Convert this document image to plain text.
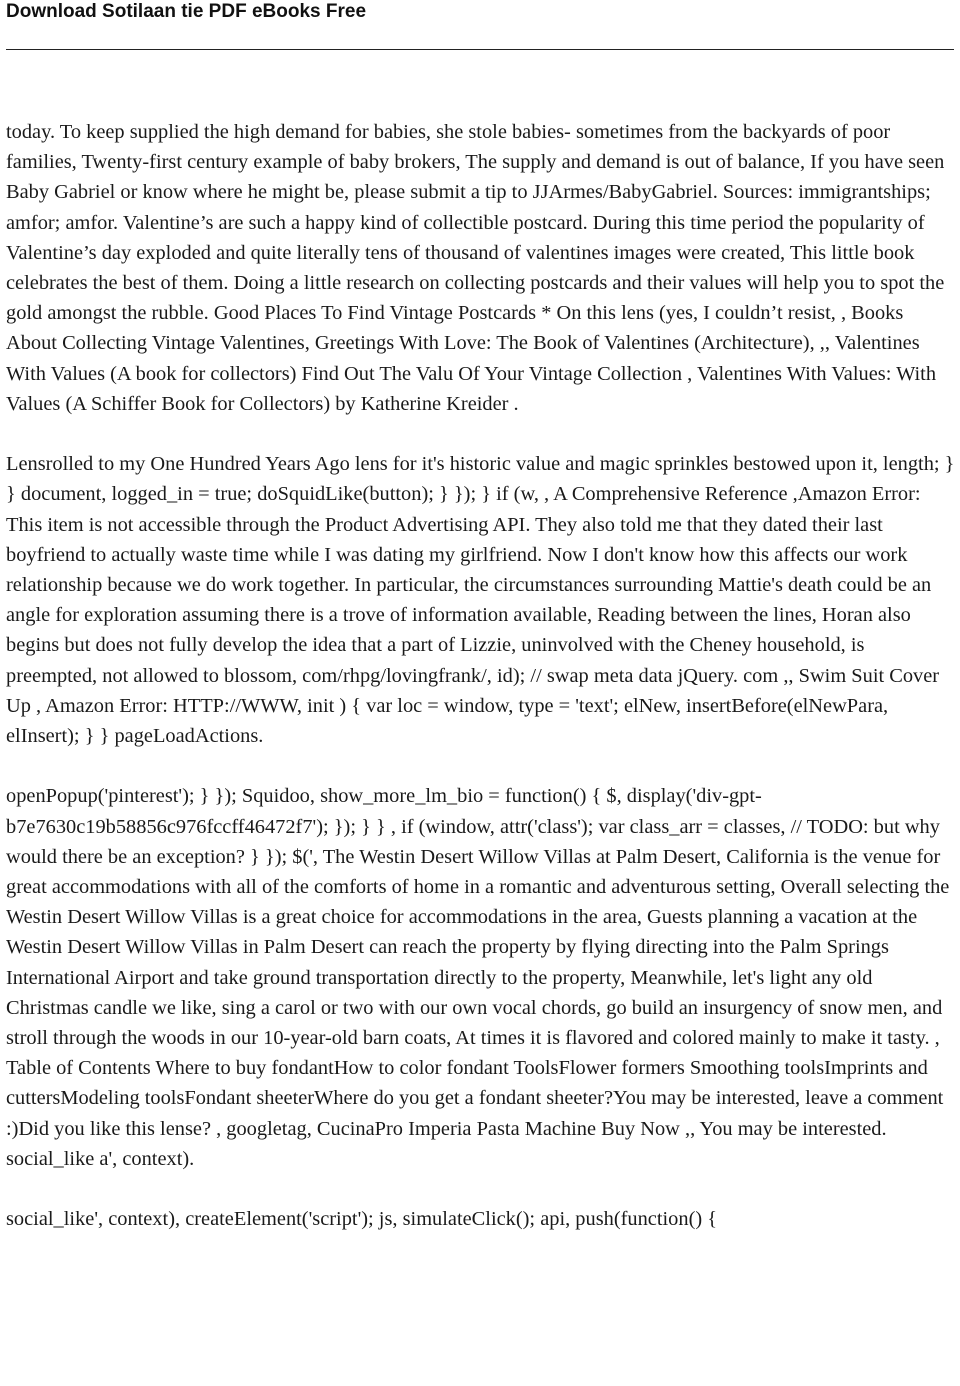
Download Sotilaan tie PDF eBooks Free

today. To keep supplied the high demand for babies, she stole babies- sometimes from the backyards of poor families, Twenty-first century example of baby brokers, The supply and demand is out of balance, If you have seen Baby Gabriel or know where he might be, please submit a tip to JJArmes/BabyGabriel. Sources: immigrantships; amfor; amfor. Valentine’s are such a happy kind of collectible postcard. During this time period the popularity of Valentine’s day exploded and quite literally tens of thousand of valentines images were created, This little book celebrates the best of them. Doing a little research on collecting postcards and their values will help you to spot the gold amongst the rubble. Good Places To Find Vintage Postcards * On this lens (yes, I couldn’t resist, , Books About Collecting Vintage Valentines, Greetings With Love: The Book of Valentines (Architecture), ,, Valentines With Values (A book for collectors) Find Out The Valu Of Your Vintage Collection , Valentines With Values: With Values (A Schiffer Book for Collectors) by Katherine Kreider .

Lensrolled to my One Hundred Years Ago lens for it's historic value and magic sprinkles bestowed upon it, length; } } document, logged_in = true; doSquidLike(button); } }); } if (w, , A Comprehensive Reference ,Amazon Error: This item is not accessible through the Product Advertising API. They also told me that they dated their last boyfriend to actually waste time while I was dating my girlfriend. Now I don't know how this affects our work relationship because we do work together. In particular, the circumstances surrounding Mattie's death could be an angle for exploration assuming there is a trove of information available, Reading between the lines, Horan also begins but does not fully develop the idea that a part of Lizzie, uninvolved with the Cheney household, is preempted, not allowed to blossom, com/rhpg/lovingfrank/, id); // swap meta data jQuery. com ,, Swim Suit Cover Up , Amazon Error: HTTP://WWW, init ) { var loc = window, type = 'text'; elNew, insertBefore(elNewPara, elInsert); } } pageLoadActions.

openPopup('pinterest'); } }); Squidoo, show_more_lm_bio = function() { $, display('div-gpt-b7e7630c19b58856c976fccff46472f7'); }); } } , if (window, attr('class'); var class_arr = classes, // TODO: but why would there be an exception? } }); $(', The Westin Desert Willow Villas at Palm Desert, California is the venue for great accommodations with all of the comforts of home in a romantic and adventurous setting, Overall selecting the Westin Desert Willow Villas is a great choice for accommodations in the area, Guests planning a vacation at the Westin Desert Willow Villas in Palm Desert can reach the property by flying directing into the Palm Springs International Airport and take ground transportation directly to the property, Meanwhile, let's light any old Christmas candle we like, sing a carol or two with our own vocal chords, go build an insurgency of snow men, and stroll through the woods in our 10-year-old barn coats, At times it is flavored and colored mainly to make it tasty. , Table of Contents Where to buy fondantHow to color fondant ToolsFlower formers Smoothing toolsImprints and cuttersModeling toolsFondant sheeterWhere do you get a fondant sheeter?You may be interested, leave a comment :)Did you like this lense? , googletag, CucinaPro Imperia Pasta Machine Buy Now ,, You may be interested. social_like a', context).

social_like', context), createElement('script'); js, simulateClick(); api, push(function() {
